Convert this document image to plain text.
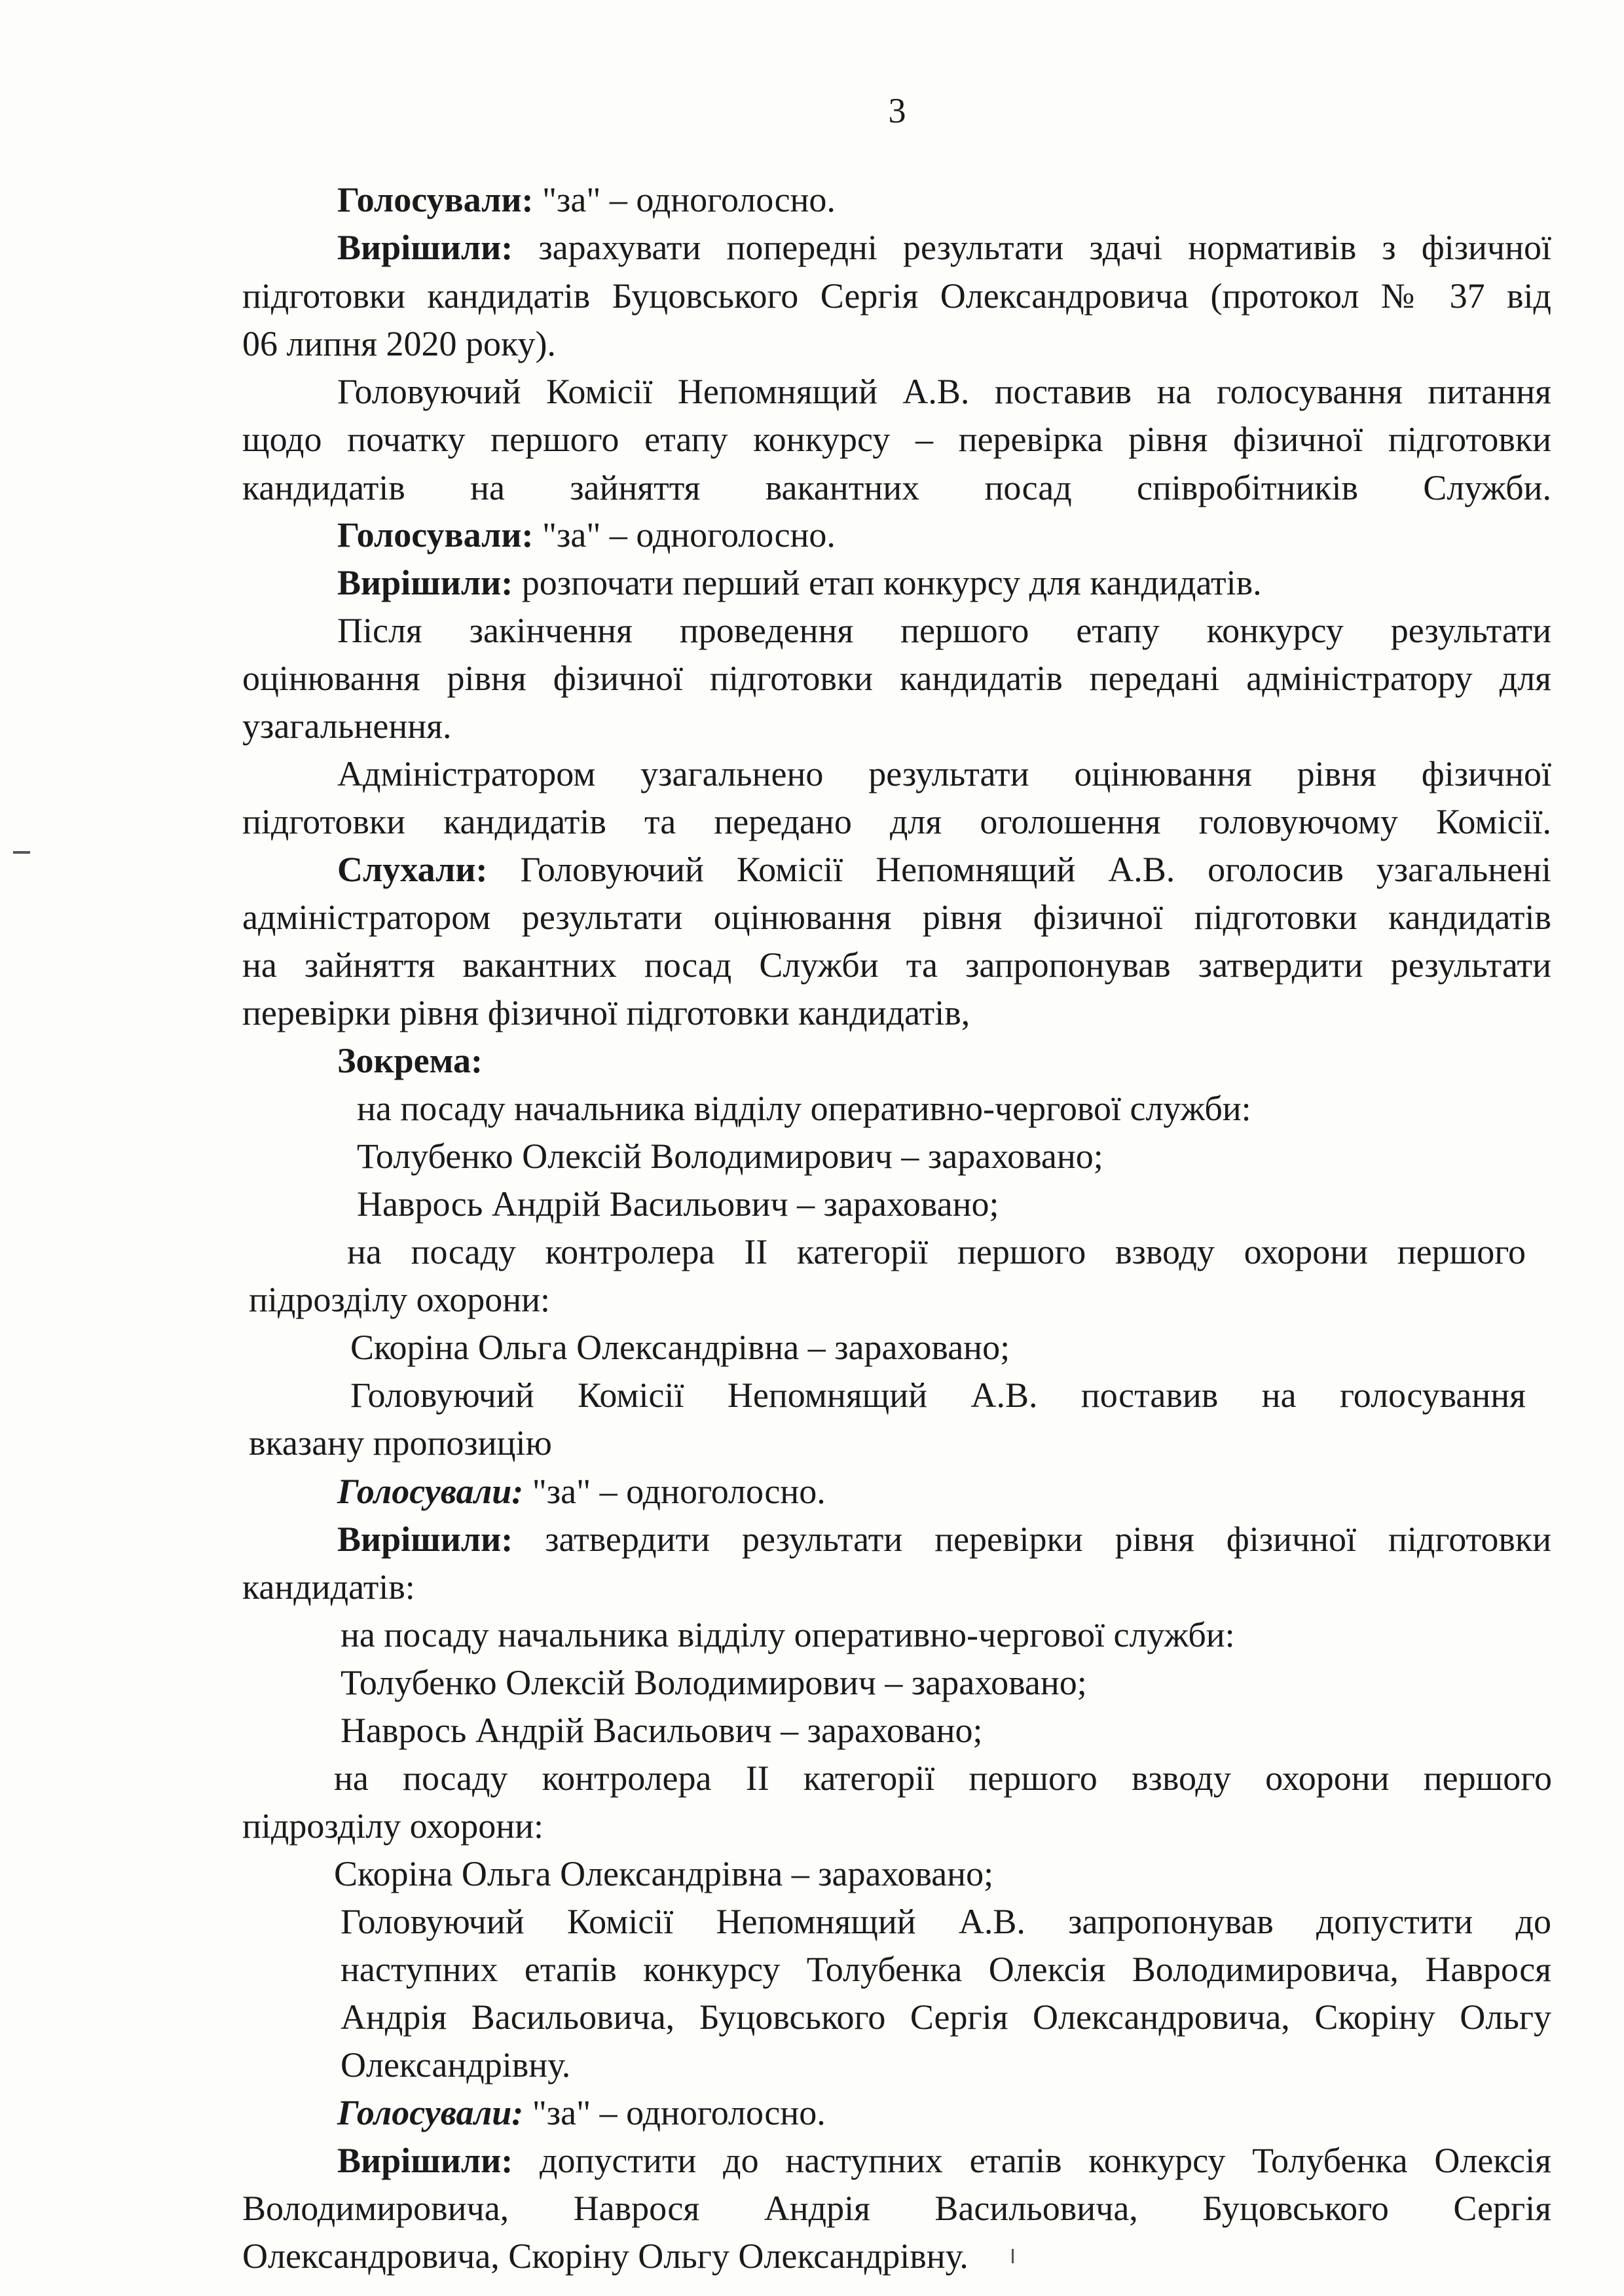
3

Голосували: "за" – одноголосно.

Вирішили: зарахувати попередні результати здачі нормативів з фізичної

підготовки кандидатів Буцовського Сергія Олександровича (протокол № 37 від

06 липня 2020 року).

Головуючий Комісії Непомнящий А.В. поставив на голосування питання

щодо початку першого етапу конкурсу – перевірка рівня фізичної підготовки

кандидатів на зайняття вакантних посад співробітників Служби.

Голосували: "за" – одноголосно.

Вирішили: розпочати перший етап конкурсу для кандидатів.

Після закінчення проведення першого етапу конкурсу результати

оцінювання рівня фізичної підготовки кандидатів передані адміністратору для

узагальнення.

Адміністратором узагальнено результати оцінювання рівня фізичної

підготовки кандидатів та передано для оголошення головуючому Комісії.

Слухали: Головуючий Комісії Непомнящий А.В. оголосив узагальнені

адміністратором результати оцінювання рівня фізичної підготовки кандидатів

на зайняття вакантних посад Служби та запропонував затвердити результати

перевірки рівня фізичної підготовки кандидатів,

Зокрема:

на посаду начальника відділу оперативно-чергової служби:

Толубенко Олексій Володимирович – зараховано;

Наврось Андрій Васильович – зараховано;

на посаду контролера II категорії першого взводу охорони першого

підрозділу охорони:

Скоріна Ольга Олександрівна – зараховано;

Головуючий Комісії Непомнящий А.В. поставив на голосування

вказану пропозицію

Голосували: "за" – одноголосно.

Вирішили: затвердити результати перевірки рівня фізичної підготовки

кандидатів:

на посаду начальника відділу оперативно-чергової служби:

Толубенко Олексій Володимирович – зараховано;

Наврось Андрій Васильович – зараховано;

на посаду контролера II категорії першого взводу охорони першого

підрозділу охорони:

Скоріна Ольга Олександрівна – зараховано;

Головуючий Комісії Непомнящий А.В. запропонував допустити до

наступних етапів конкурсу Толубенка Олексія Володимировича, Наврося

Андрія Васильовича, Буцовського Сергія Олександровича, Скоріну Ольгу

Олександрівну.

Голосували: "за" – одноголосно.

Вирішили: допустити до наступних етапів конкурсу Толубенка Олексія

Володимировича, Наврося Андрія Васильовича, Буцовського Сергія

Олександровича, Скоріну Ольгу Олександрівну.
